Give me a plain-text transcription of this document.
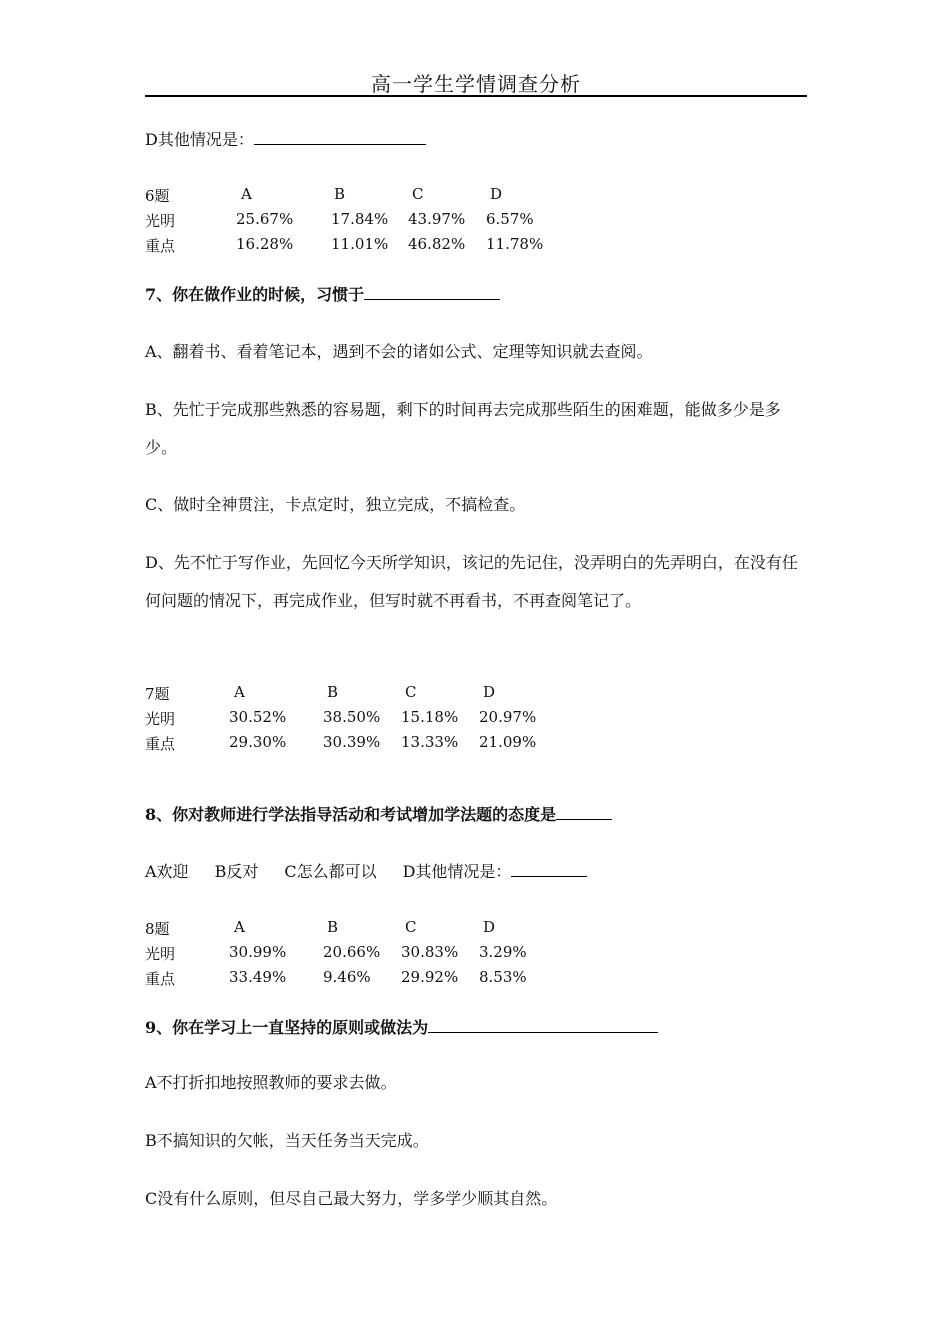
高一学生学情调查分析
D其他情况是：
6题	A	B	C	D
光明	25.67%	17.84% 43.97% 6.57%
重点	16.28%	11.01% 46.82% 11.78%
7、你在做作业的时候，习惯于
A、翻着书、看着笔记本，遇到不会的诸如公式、定理等知识就去查阅。
B、先忙于完成那些熟悉的容易题，剩下的时间再去完成那些陌生的困难题，能做多少是多少。
C、做时全神贯注，卡点定时，独立完成，不搞检查。
D、先不忙于写作业，先回忆今天所学知识，该记的先记住，没弄明白的先弄明白，在没有任何问题的情况下，再完成作业，但写时就不再看书，不再查阅笔记了。
7题	A	B	C	D
光明	30.52% 38.50% 15.18% 20.97%
重点	29.30% 30.39% 13.33% 21.09%
8、你对教师进行学法指导活动和考试增加学法题的态度是
A欢迎 B反对 C怎么都可以 D其他情况是：
8题	A	B	C	D
光明	30.99% 20.66% 30.83% 3.29%
重点	33.49% 9.46% 29.92% 8.53%
9、你在学习上一直坚持的原则或做法为
A不打折扣地按照教师的要求去做。
B不搞知识的欠帐，当天任务当天完成。
C没有什么原则，但尽自己最大努力，学多学少顺其自然。
